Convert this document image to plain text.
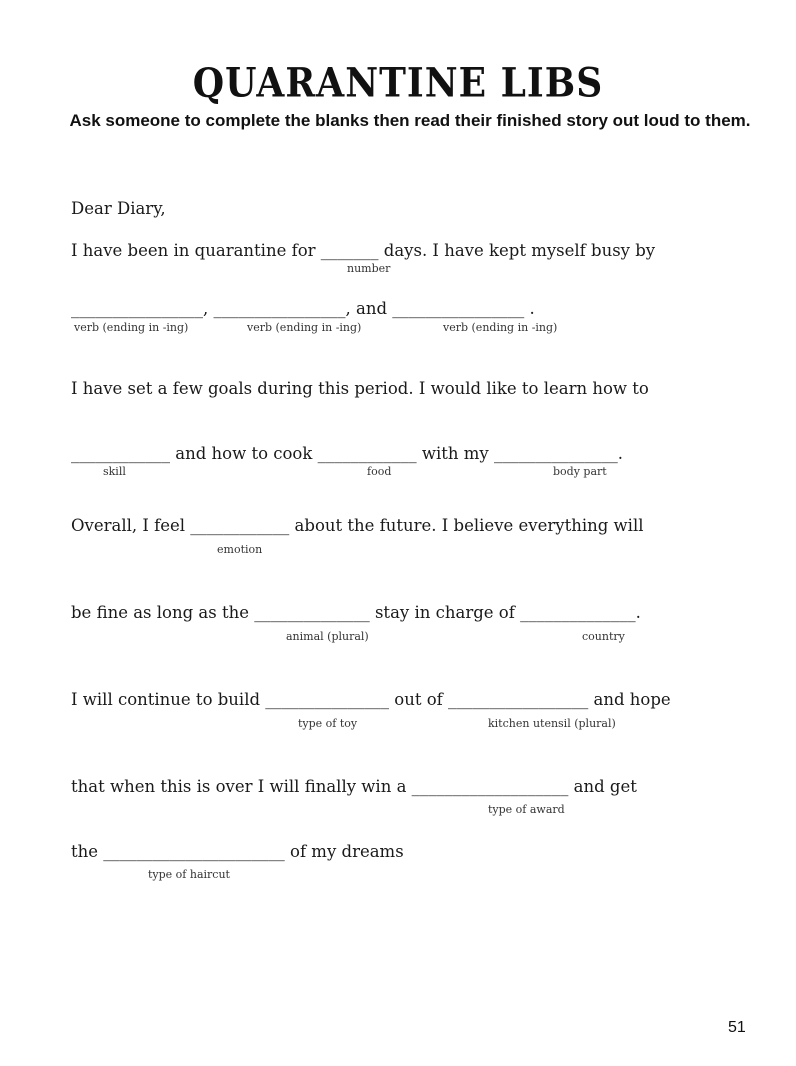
QUARANTINE LIBS
Ask someone to complete the blanks then read their finished story out loud to them.
Dear Diary,
I have been in quarantine for _______ days. I have kept myself busy by
number
________________, ________________, and ________________ .
verb (ending in -ing)	verb (ending in -ing)	verb (ending in -ing)
I have set a few goals during this period. I would like to learn how to
____________ and how to cook ____________ with my _______________.
skill	food	body part
Overall, I feel ____________ about the future. I believe everything will
emotion
be fine as long as the ______________ stay in charge of ______________.
animal (plural)	country
I will continue to build _______________ out of _________________ and hope
type of toy	kitchen utensil (plural)
that when this is over I will finally win a ___________________ and get
type of award
the ______________________ of my dreams
type of haircut
51
